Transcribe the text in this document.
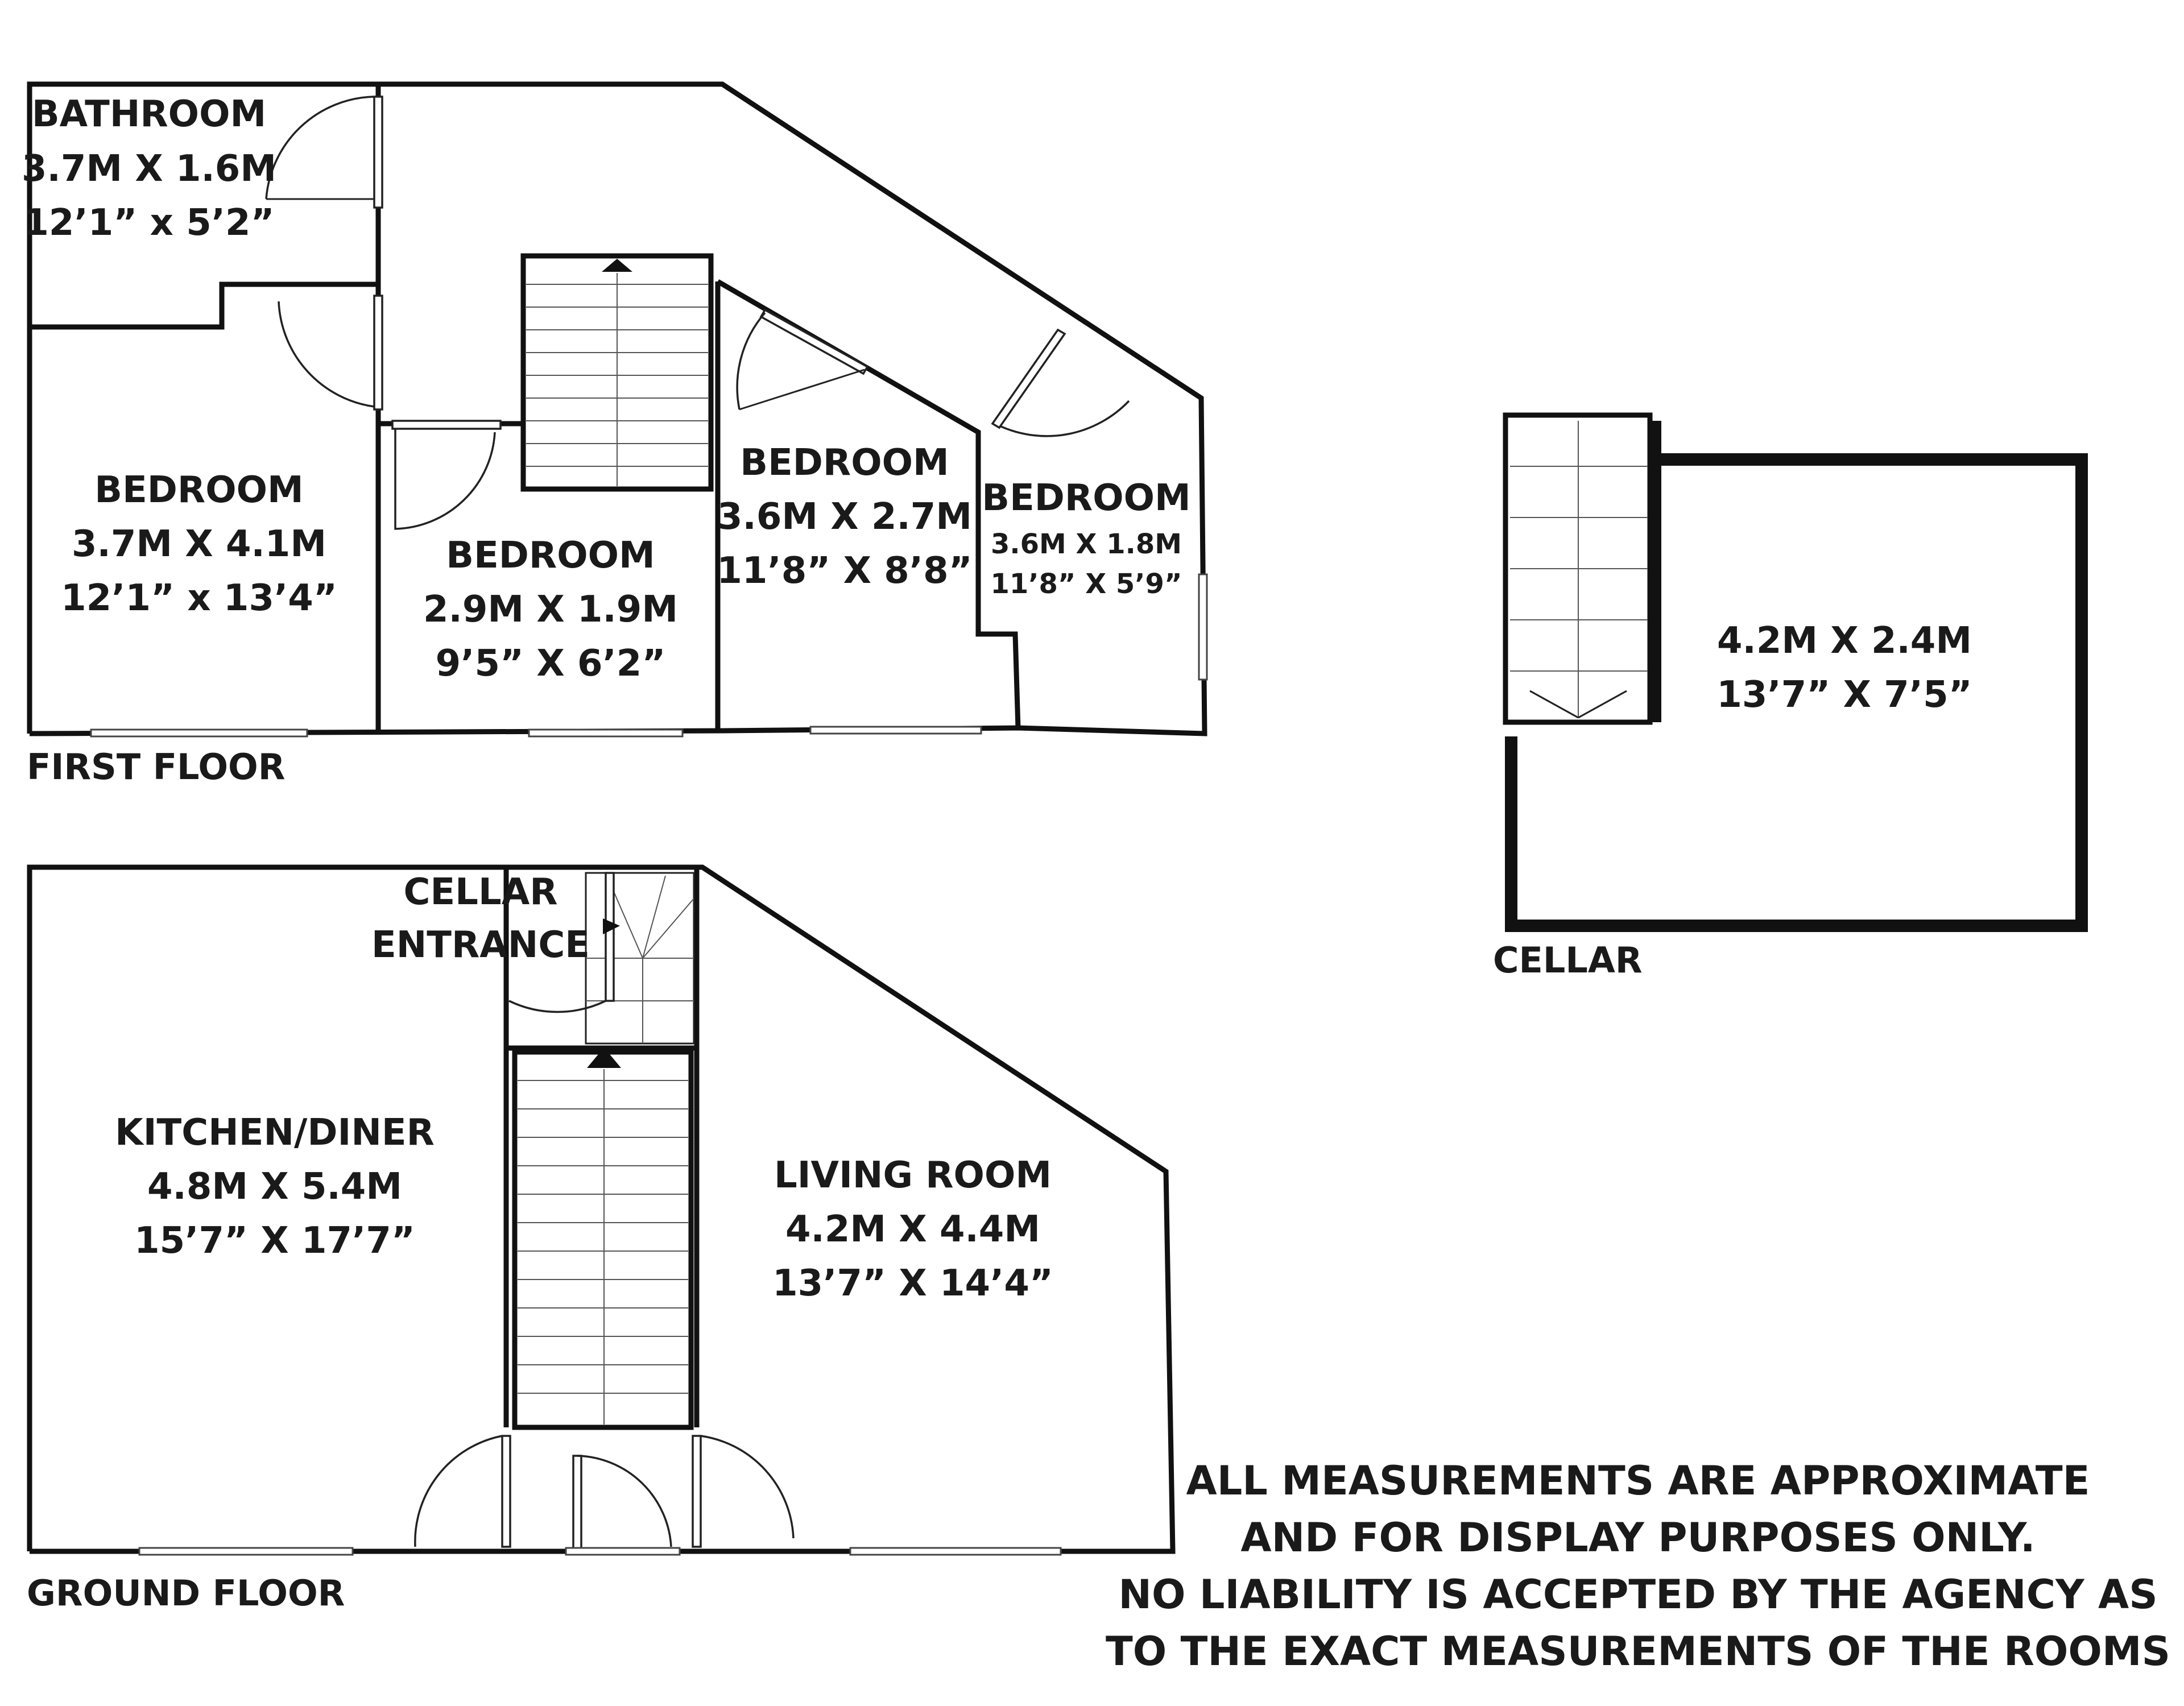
BATHROOM
3.7M X 1.6M
12’1” x 5’2”
BEDROOM
3.7M X 4.1M
12’1” x 13’4”
BEDROOM
2.9M X 1.9M
9’5” X 6’2”
BEDROOM
3.6M X 2.7M
11’8” X 8’8”
BEDROOM
3.6M X 1.8M
11’8” X 5’9”
FIRST FLOOR
4.2M X 2.4M
13’7” X 7’5”
CELLAR
CELLAR
ENTRANCE
KITCHEN/DINER
4.8M X 5.4M
15’7” X 17’7”
LIVING ROOM
4.2M X 4.4M
13’7” X 14’4”
GROUND FLOOR
ALL MEASUREMENTS ARE APPROXIMATE
AND FOR DISPLAY PURPOSES ONLY.
NO LIABILITY IS ACCEPTED BY THE AGENCY AS
TO THE EXACT MEASUREMENTS OF THE ROOMS
